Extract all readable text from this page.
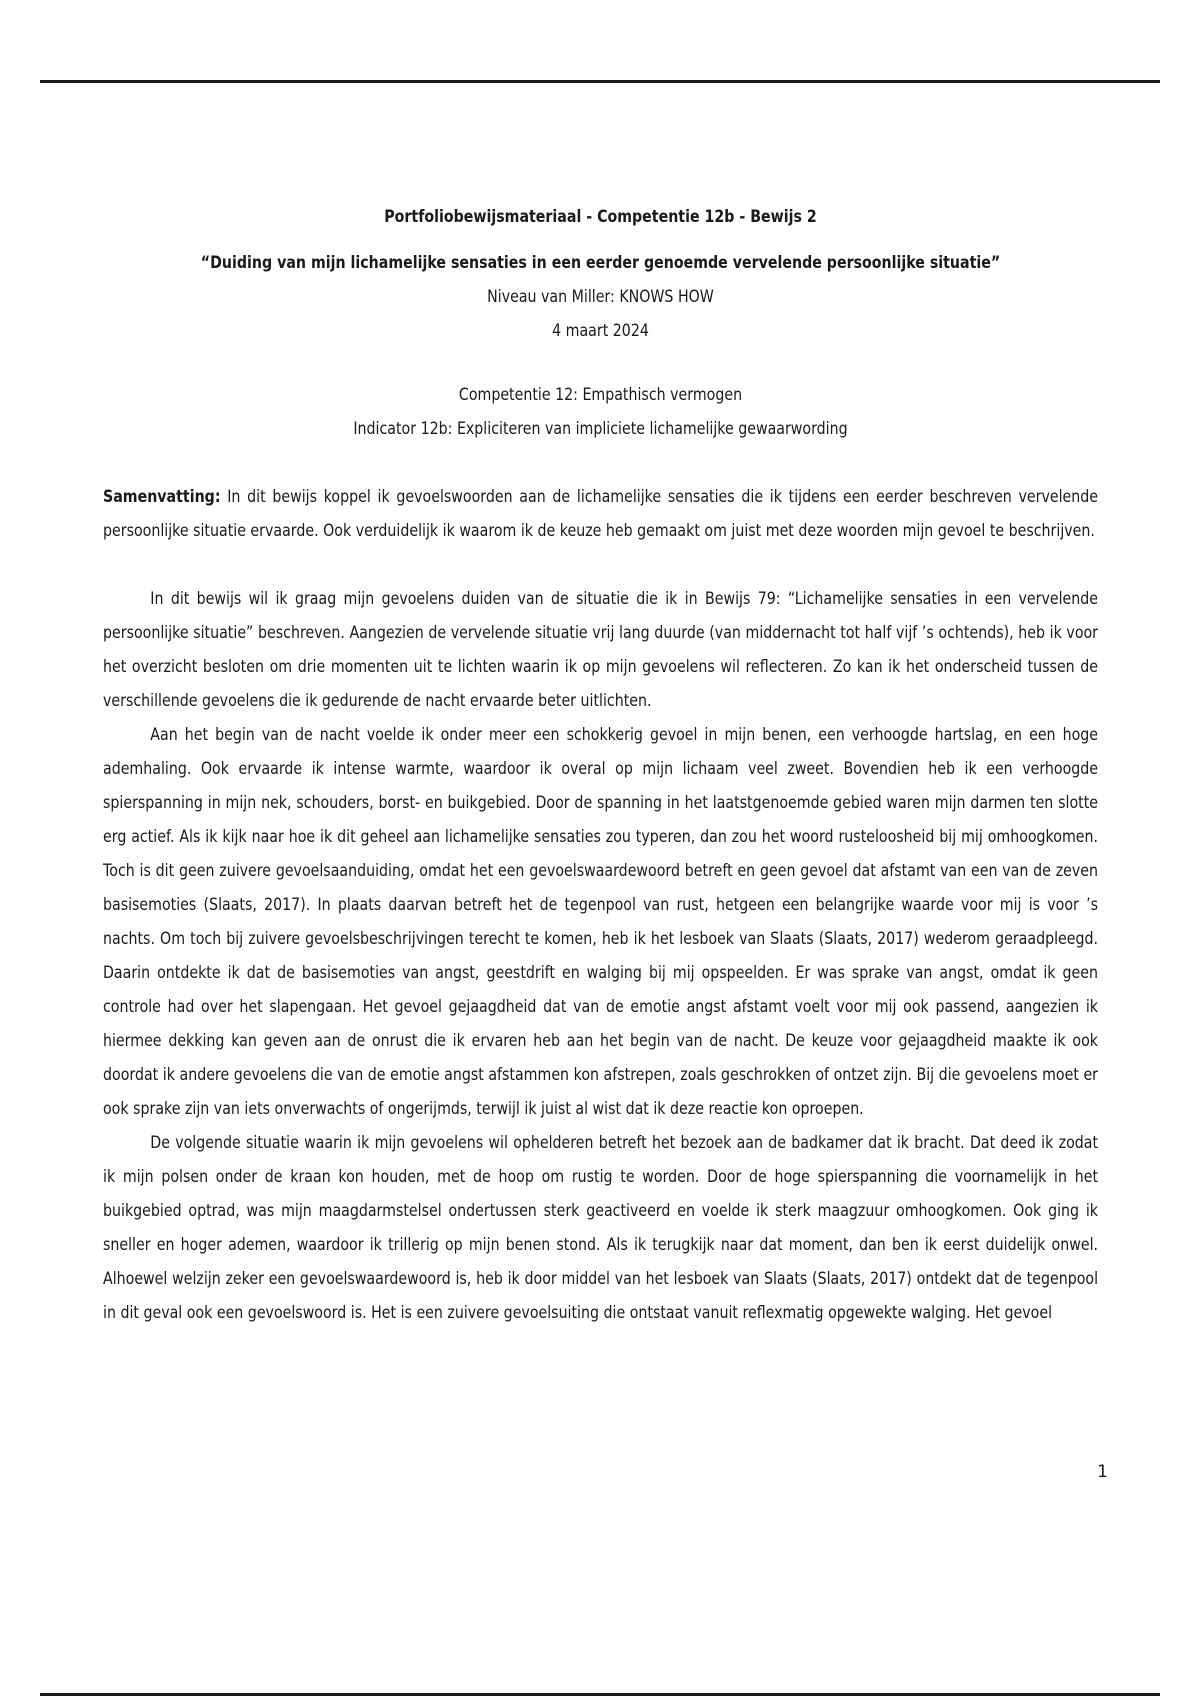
Portfoliobewijsmateriaal - Competentie 12b - Bewijs 2
“Duiding van mijn lichamelijke sensaties in een eerder genoemde vervelende persoonlijke situatie”
Niveau van Miller: KNOWS HOW
4 maart 2024
Competentie 12: Empathisch vermogen
Indicator 12b: Expliciteren van impliciete lichamelijke gewaarwording

Samenvatting: In dit bewijs koppel ik gevoelswoorden aan de lichamelijke sensaties die ik tijdens een eerder beschreven vervelende persoonlijke situatie ervaarde. Ook verduidelijk ik waarom ik de keuze heb gemaakt om juist met deze woorden mijn gevoel te beschrijven.

In dit bewijs wil ik graag mijn gevoelens duiden van de situatie die ik in Bewijs 79: “Lichamelijke sensaties in een vervelende persoonlijke situatie” beschreven. Aangezien de vervelende situatie vrij lang duurde (van middernacht tot half vijf ’s ochtends), heb ik voor het overzicht besloten om drie momenten uit te lichten waarin ik op mijn gevoelens wil reflecteren. Zo kan ik het onderscheid tussen de verschillende gevoelens die ik gedurende de nacht ervaarde beter uitlichten.

Aan het begin van de nacht voelde ik onder meer een schokkerig gevoel in mijn benen, een verhoogde hartslag, en een hoge ademhaling. Ook ervaarde ik intense warmte, waardoor ik overal op mijn lichaam veel zweet. Bovendien heb ik een verhoogde spierspanning in mijn nek, schouders, borst- en buikgebied. Door de spanning in het laatstgenoemde gebied waren mijn darmen ten slotte erg actief. Als ik kijk naar hoe ik dit geheel aan lichamelijke sensaties zou typeren, dan zou het woord rusteloosheid bij mij omhoogkomen. Toch is dit geen zuivere gevoelsaanduiding, omdat het een gevoelswaardewoord betreft en geen gevoel dat afstamt van een van de zeven basisemoties (Slaats, 2017). In plaats daarvan betreft het de tegenpool van rust, hetgeen een belangrijke waarde voor mij is voor ’s nachts. Om toch bij zuivere gevoelsbeschrijvingen terecht te komen, heb ik het lesboek van Slaats (Slaats, 2017) wederom geraadpleegd. Daarin ontdekte ik dat de basisemoties van angst, geestdrift en walging bij mij opspeelden. Er was sprake van angst, omdat ik geen controle had over het slapengaan. Het gevoel gejaagdheid dat van de emotie angst afstamt voelt voor mij ook passend, aangezien ik hiermee dekking kan geven aan de onrust die ik ervaren heb aan het begin van de nacht. De keuze voor gejaagdheid maakte ik ook doordat ik andere gevoelens die van de emotie angst afstammen kon afstrepen, zoals geschrokken of ontzet zijn. Bij die gevoelens moet er ook sprake zijn van iets onverwachts of ongerijmds, terwijl ik juist al wist dat ik deze reactie kon oproepen.

De volgende situatie waarin ik mijn gevoelens wil ophelderen betreft het bezoek aan de badkamer dat ik bracht. Dat deed ik zodat ik mijn polsen onder de kraan kon houden, met de hoop om rustig te worden. Door de hoge spierspanning die voornamelijk in het buikgebied optrad, was mijn maagdarmstelsel ondertussen sterk geactiveerd en voelde ik sterk maagzuur omhoogkomen. Ook ging ik sneller en hoger ademen, waardoor ik trillerig op mijn benen stond. Als ik terugkijk naar dat moment, dan ben ik eerst duidelijk onwel. Alhoewel welzijn zeker een gevoelswaardewoord is, heb ik door middel van het lesboek van Slaats (Slaats, 2017) ontdekt dat de tegenpool in dit geval ook een gevoelswoord is. Het is een zuivere gevoelsuiting die ontstaat vanuit reflexmatig opgewekte walging. Het gevoel

1
